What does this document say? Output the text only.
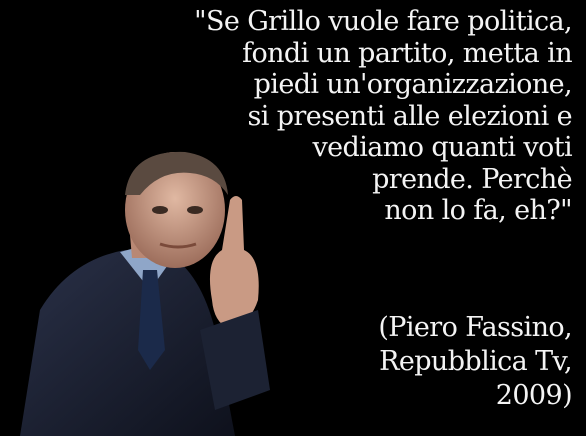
"Se Grillo vuole fare politica,
fondi un partito, metta in
piedi un'organizzazione,
si presenti alle elezioni e
vediamo quanti voti
prende. Perchè
non lo fa, eh?"
(Piero Fassino,
Repubblica Tv,
2009)
